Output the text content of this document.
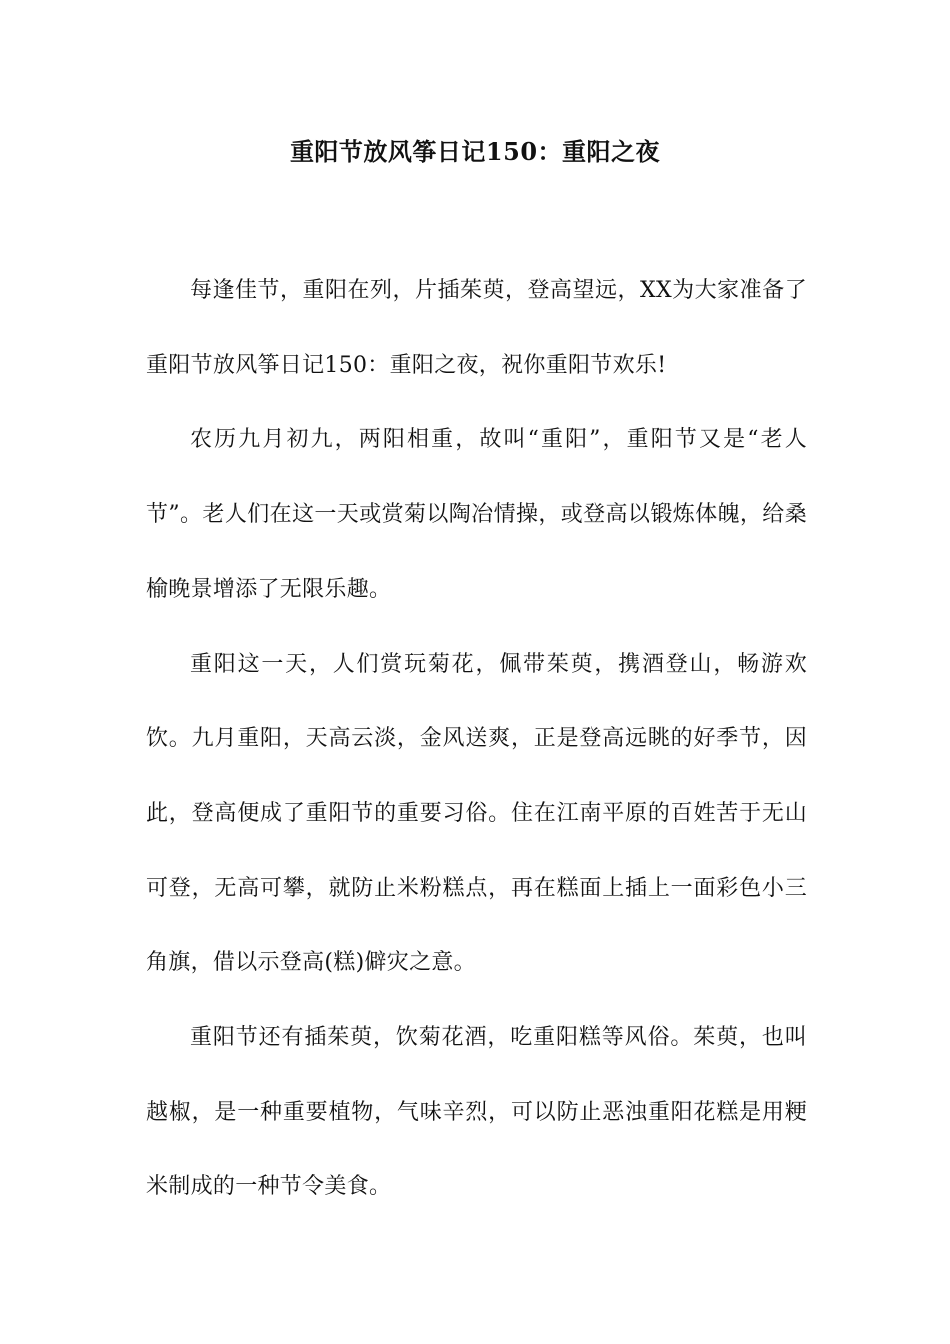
重阳节放风筝日记150：重阳之夜

每逢佳节，重阳在列，片插茱萸，登高望远，XX为大家准备了重阳节放风筝日记150：重阳之夜，祝你重阳节欢乐!

农历九月初九，两阳相重，故叫“重阳”，重阳节又是“老人节”。老人们在这一天或赏菊以陶冶情操，或登高以锻炼体魄，给桑榆晚景增添了无限乐趣。

重阳这一天，人们赏玩菊花，佩带茱萸，携酒登山，畅游欢饮。九月重阳，天高云淡，金风送爽，正是登高远眺的好季节，因此，登高便成了重阳节的重要习俗。住在江南平原的百姓苦于无山可登，无高可攀，就防止米粉糕点，再在糕面上插上一面彩色小三角旗，借以示登高(糕)僻灾之意。

重阳节还有插茱萸，饮菊花酒，吃重阳糕等风俗。茱萸，也叫越椒，是一种重要植物，气味辛烈，可以防止恶浊重阳花糕是用粳米制成的一种节令美食。
